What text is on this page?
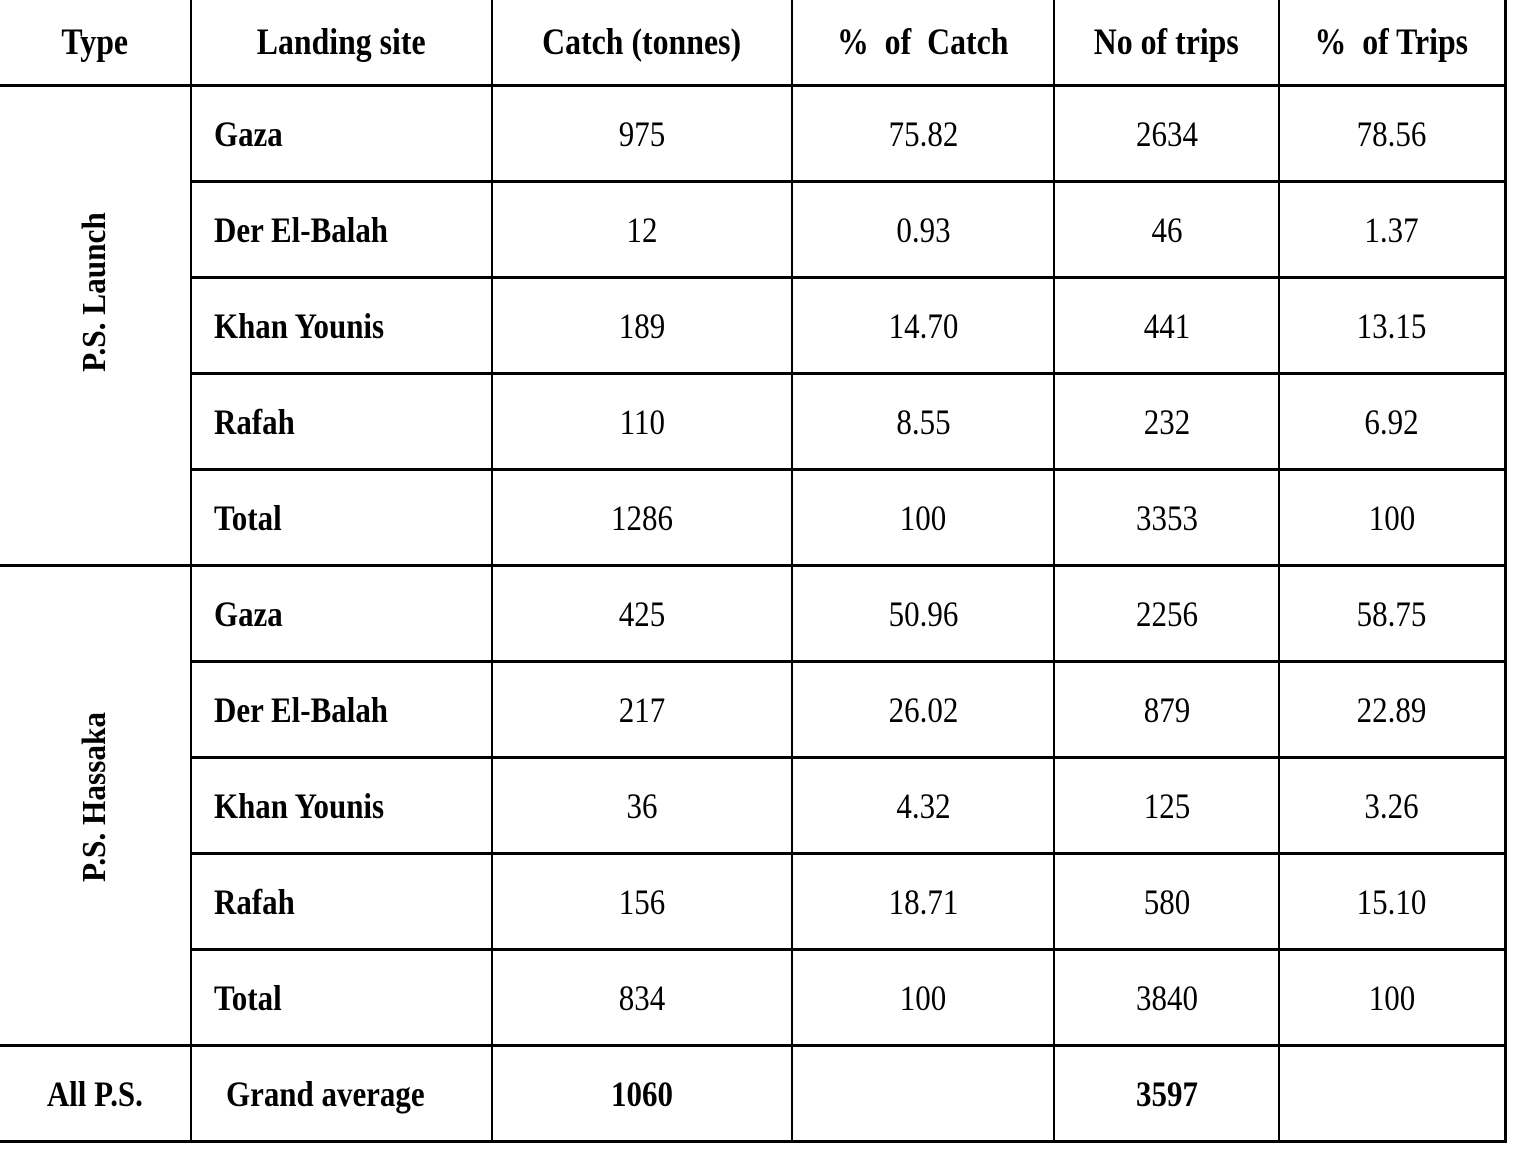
Type	Landing site	Catch (tonnes)	%  of  Catch	No of trips	%  of Trips

P.S. Launch	Gaza	975	75.82	2634	78.56
	Der El-Balah	12	0.93	46	1.37
	Khan Younis	189	14.70	441	13.15
	Rafah	110	8.55	232	6.92
	Total	1286	100	3353	100

P.S. Hassaka	Gaza	425	50.96	2256	58.75
	Der El-Balah	217	26.02	879	22.89
	Khan Younis	36	4.32	125	3.26
	Rafah	156	18.71	580	15.10
	Total	834	100	3840	100
All P.S.	Grand average	1060		3597	
